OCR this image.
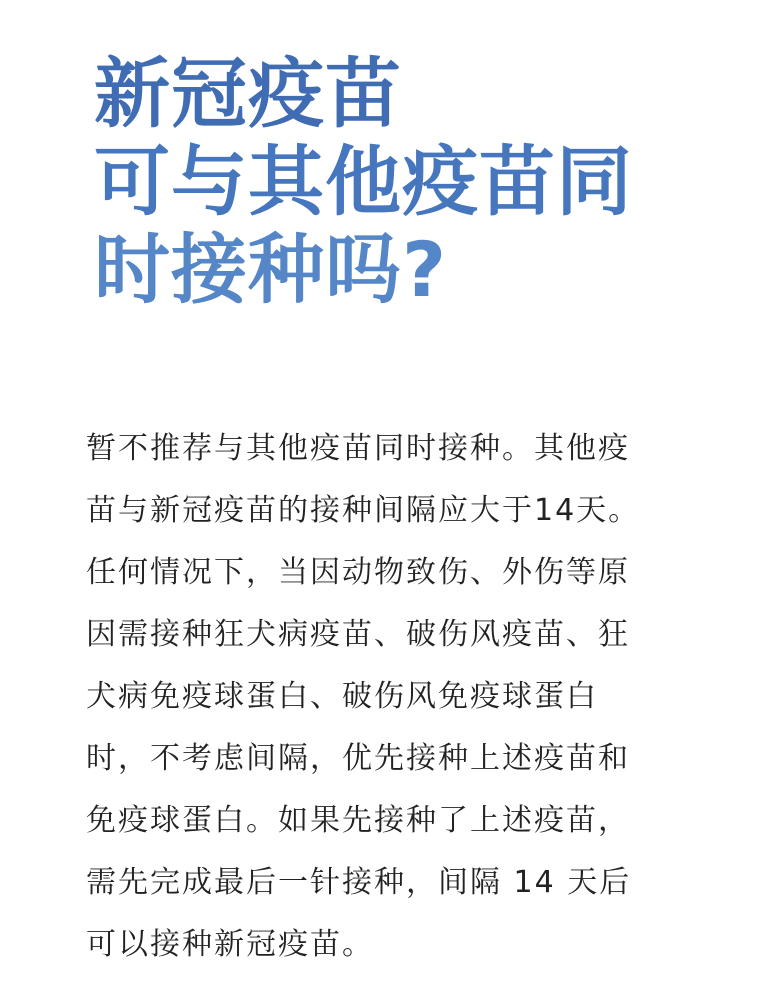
新冠疫苗
可与其他疫苗同
时接种吗?
暂不推荐与其他疫苗同时接种。其他疫
苗与新冠疫苗的接种间隔应大于14天。
任何情况下，当因动物致伤、外伤等原
因需接种狂犬病疫苗、破伤风疫苗、狂
犬病免疫球蛋白、破伤风免疫球蛋白
时，不考虑间隔，优先接种上述疫苗和
免疫球蛋白。如果先接种了上述疫苗，
需先完成最后一针接种，间隔 14 天后
可以接种新冠疫苗。
